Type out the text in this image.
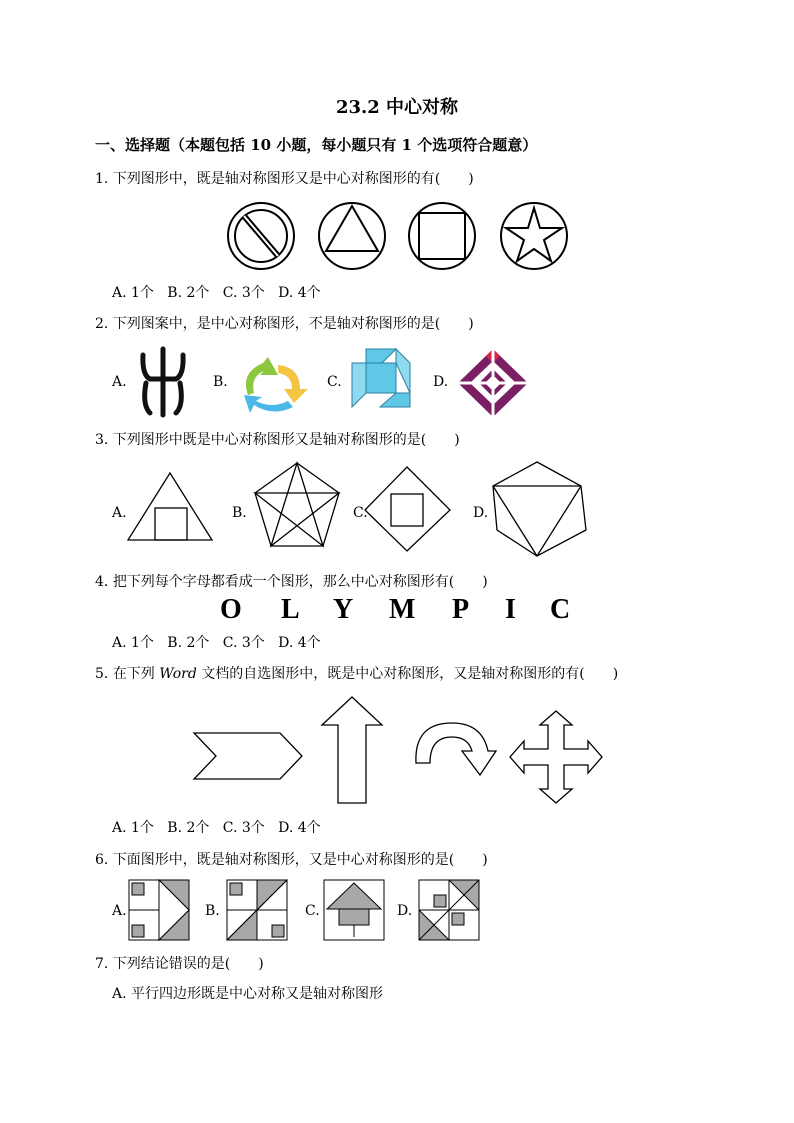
23.2 中心对称
一、选择题（本题包括 10 小题，每小题只有 1 个选项符合题意）
1. 下列图形中，既是轴对称图形又是中心对称图形的有(　　)
A. 1个 B. 2个 C. 3个 D. 4个
2. 下列图案中，是中心对称图形，不是轴对称图形的是(　　)
A.	B.	C.	D.
3. 下列图形中既是中心对称图形又是轴对称图形的是(　　)
A.	B.	C.	D.
4. 把下列每个字母都看成一个图形，那么中心对称图形有(　　)
O L Y M P I C
A. 1个 B. 2个 C. 3个 D. 4个
5. 在下列 Word 文档的自选图形中，既是中心对称图形，又是轴对称图形的有(　　)
A. 1个 B. 2个 C. 3个 D. 4个
6. 下面图形中，既是轴对称图形，又是中心对称图形的是(　　)
A.	B.	C.	D.
7. 下列结论错误的是(　　)
A. 平行四边形既是中心对称又是轴对称图形
